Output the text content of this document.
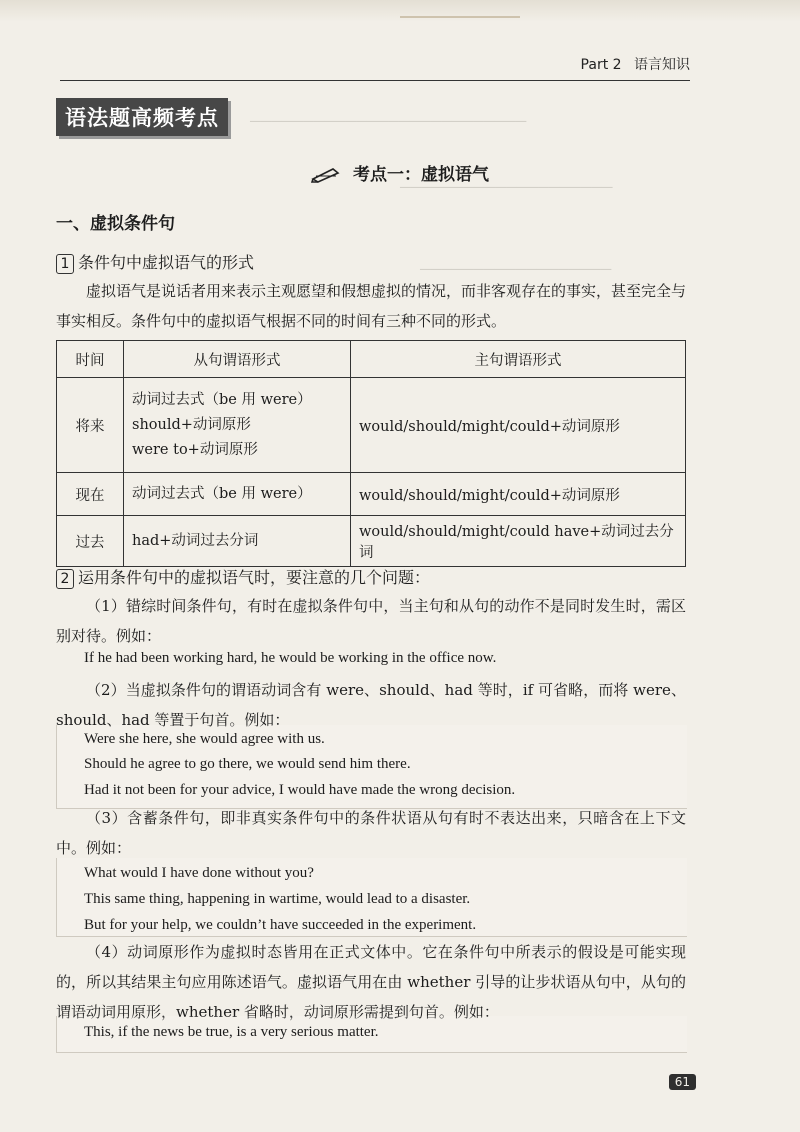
Part 2 语言知识
语法题高频考点	──────────────────────────
────────────────────
──────────────────
考点一：虚拟语气
一、虚拟条件句
1 条件句中虚拟语气的形式
虚拟语气是说话者用来表示主观愿望和假想虚拟的情况，而非客观存在的事实，甚至完全与事实相反。条件句中的虚拟语气根据不同的时间有三种不同的形式。
时间	从句谓语形式	主句谓语形式
将来	动词过去式（be 用 were）
should+动词原形
were to+动词原形	would/should/might/could+动词原形
现在	动词过去式（be 用 were）	would/should/might/could+动词原形
过去	had+动词过去分词	would/should/might/could have+动词过去分词
2 运用条件句中的虚拟语气时，要注意的几个问题：
（1）错综时间条件句，有时在虚拟条件句中，当主句和从句的动作不是同时发生时，需区别对待。例如：
If he had been working hard, he would be working in the office now.
（2）当虚拟条件句的谓语动词含有 were、should、had 等时，if 可省略，而将 were、should、had 等置于句首。例如：
Were she here, she would agree with us.
Should he agree to go there, we would send him there.
Had it not been for your advice, I would have made the wrong decision.
（3）含蓄条件句，即非真实条件句中的条件状语从句有时不表达出来，只暗含在上下文中。例如：
What would I have done without you?
This same thing, happening in wartime, would lead to a disaster.
But for your help, we couldn’t have succeeded in the experiment.
（4）动词原形作为虚拟时态皆用在正式文体中。它在条件句中所表示的假设是可能实现的，所以其结果主句应用陈述语气。虚拟语气用在由 whether 引导的让步状语从句中，从句的谓语动词用原形，whether 省略时，动词原形需提到句首。例如：
This, if the news be true, is a very serious matter.
61
